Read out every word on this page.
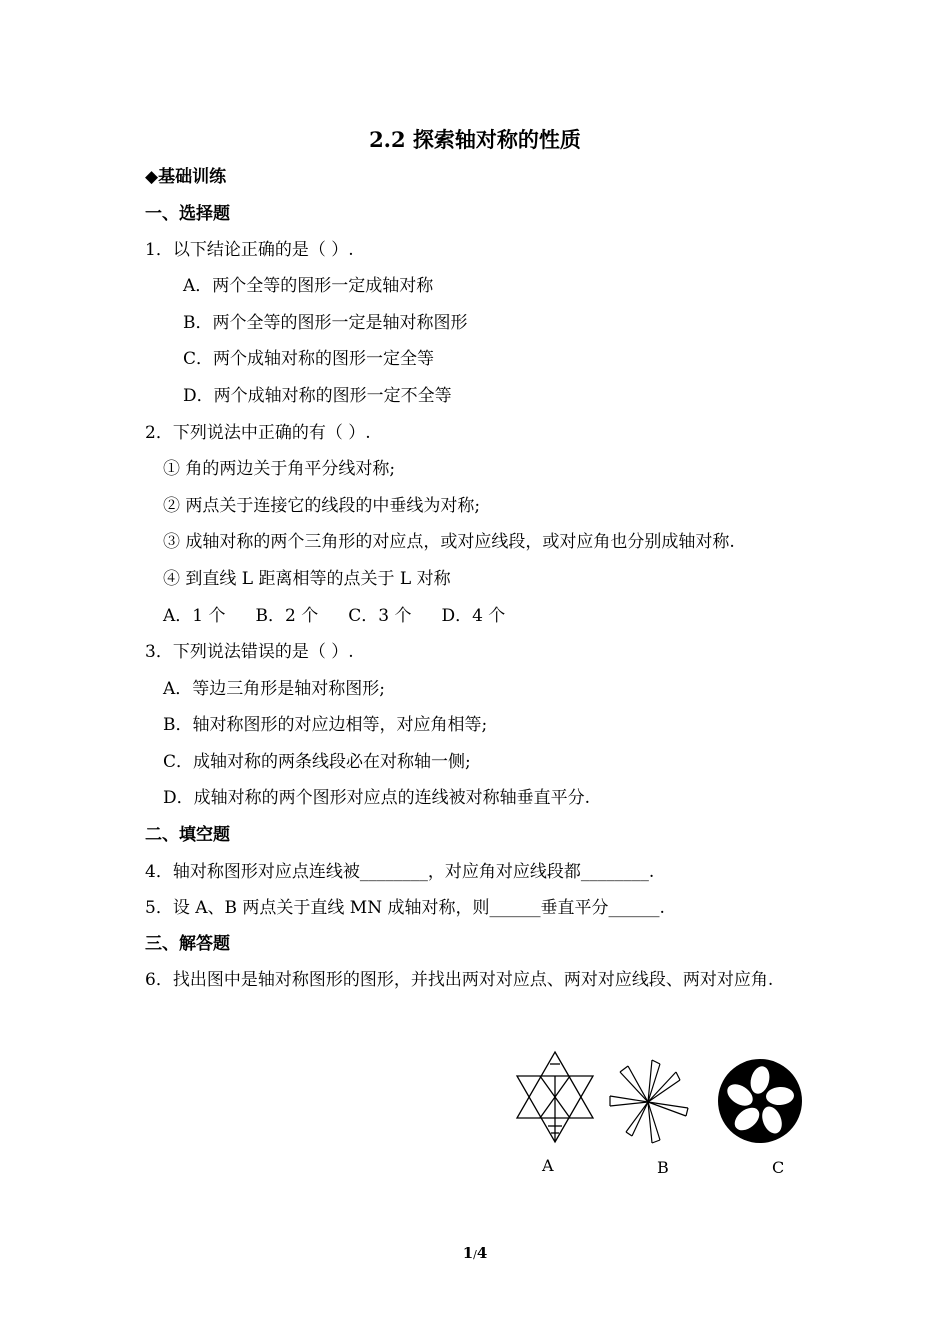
2.2 探索轴对称的性质
◆基础训练
一、选择题
1．以下结论正确的是（ ）.
A．两个全等的图形一定成轴对称
B．两个全等的图形一定是轴对称图形
C．两个成轴对称的图形一定全等
D．两个成轴对称的图形一定不全等
2．下列说法中正确的有（ ）.
① 角的两边关于角平分线对称;
② 两点关于连接它的线段的中垂线为对称;
③ 成轴对称的两个三角形的对应点，或对应线段，或对应角也分别成轴对称.
④ 到直线 L 距离相等的点关于 L 对称
A．1 个 B．2 个 C．3 个 D．4 个
3．下列说法错误的是（ ）.
A．等边三角形是轴对称图形;
B．轴对称图形的对应边相等，对应角相等;
C．成轴对称的两条线段必在对称轴一侧;
D．成轴对称的两个图形对应点的连线被对称轴垂直平分.
二、填空题
4．轴对称图形对应点连线被________，对应角对应线段都________.
5．设 A、B 两点关于直线 MN 成轴对称，则______垂直平分______.
三、解答题
6．找出图中是轴对称图形的图形，并找出两对对应点、两对对应线段、两对对应角.
A	B	C
1/4
